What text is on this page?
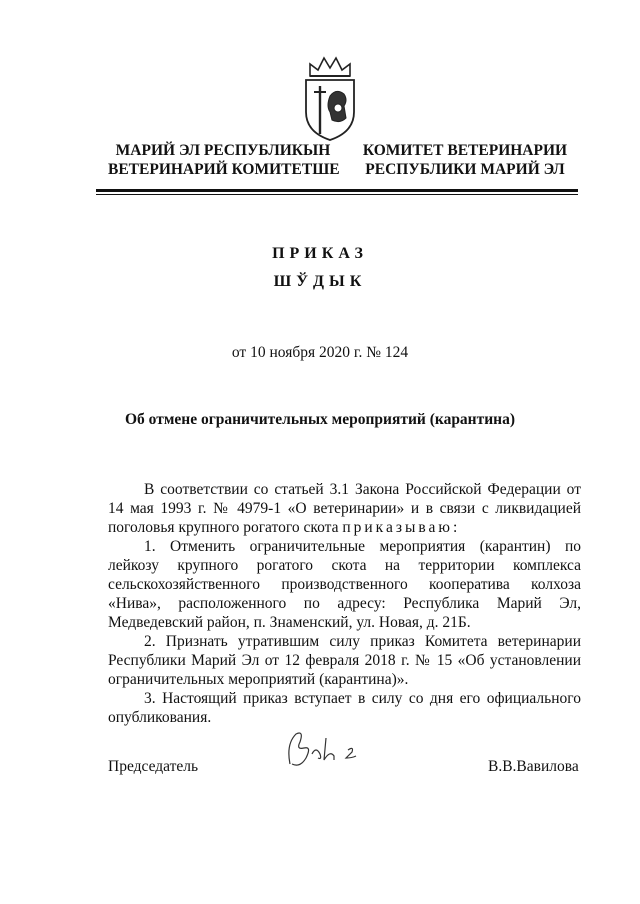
МАРИЙ ЭЛ РЕСПУБЛИКЫН
ВЕТЕРИНАРИЙ КОМИТЕТШЕ
КОМИТЕТ ВЕТЕРИНАРИИ
РЕСПУБЛИКИ МАРИЙ ЭЛ
ПРИКАЗ
ШЎДЫК
от 10 ноября 2020 г. № 124
Об отмене ограничительных мероприятий (карантина)

В соответствии со статьей 3.1 Закона Российской Федерации от 14 мая 1993 г. № 4979-1 «О ветеринарии» и в связи с ликвидацией поголовья крупного рогатого скота приказываю:

1. Отменить ограничительные мероприятия (карантин) по лейкозу крупного рогатого скота на территории комплекса

сельскохозяйственного производственного кооператива колхоза «Нива», расположенного по адресу: Республика Марий Эл, Медведевский район, п. Знаменский, ул. Новая, д. 21Б.

2. Признать утратившим силу приказ Комитета ветеринарии Республики Марий Эл от 12 февраля 2018 г. № 15 «Об установлении ограничительных мероприятий (карантина)».

3. Настоящий приказ вступает в силу со дня его официального опубликования.

Председатель	В.В.Вавилова
